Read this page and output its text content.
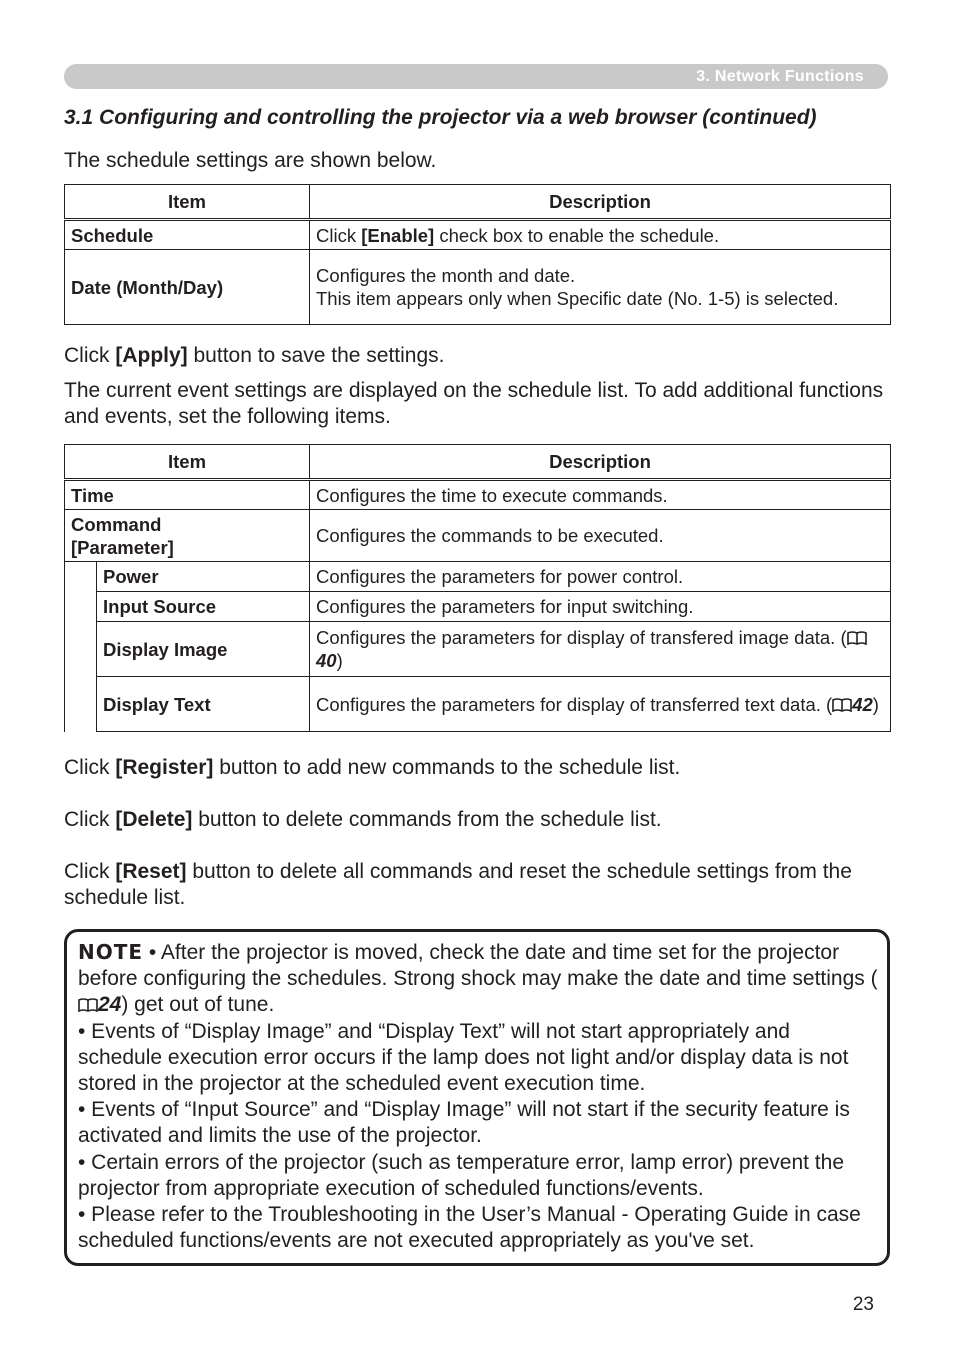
3. Network Functions
3.1 Configuring and controlling the projector via a web browser (continued)
The schedule settings are shown below.
Item	Description
Schedule	Click [Enable] check box to enable the schedule.
Date (Month/Day)	Configures the month and date.
This item appears only when Specific date (No. 1-5) is selected.
Click [Apply] button to save the settings.
The current event settings are displayed on the schedule list. To add additional functions and events, set the following items.
Item		Description
Time		Configures the time to execute commands.

Command
[Parameter]		Configures the commands to be executed.
	Power	Configures the parameters for power control.
	Input Source	Configures the parameters for input switching.
	Display Image	Configures the parameters for display of transfered image data. (40)
	Display Text	Configures the parameters for display of transferred text data. ( 42)
Click [Register] button to add new commands to the schedule list.
Click [Delete] button to delete commands from the schedule list.
Click [Reset] button to delete all commands and reset the schedule settings from the schedule list.
NOTE • After the projector is moved, check the date and time set for the projector before configuring the schedules. Strong shock may make the date and time settings (24) get out of tune.
• Events of “Display Image” and “Display Text” will not start appropriately and schedule execution error occurs if the lamp does not light and/or display data is not stored in the projector at the scheduled event execution time.
• Events of “Input Source” and “Display Image” will not start if the security feature is activated and limits the use of the projector.
• Certain errors of the projector (such as temperature error, lamp error) prevent the projector from appropriate execution of scheduled functions/events.
• Please refer to the Troubleshooting in the User’s Manual - Operating Guide in case scheduled functions/events are not executed appropriately as you've set.
23
